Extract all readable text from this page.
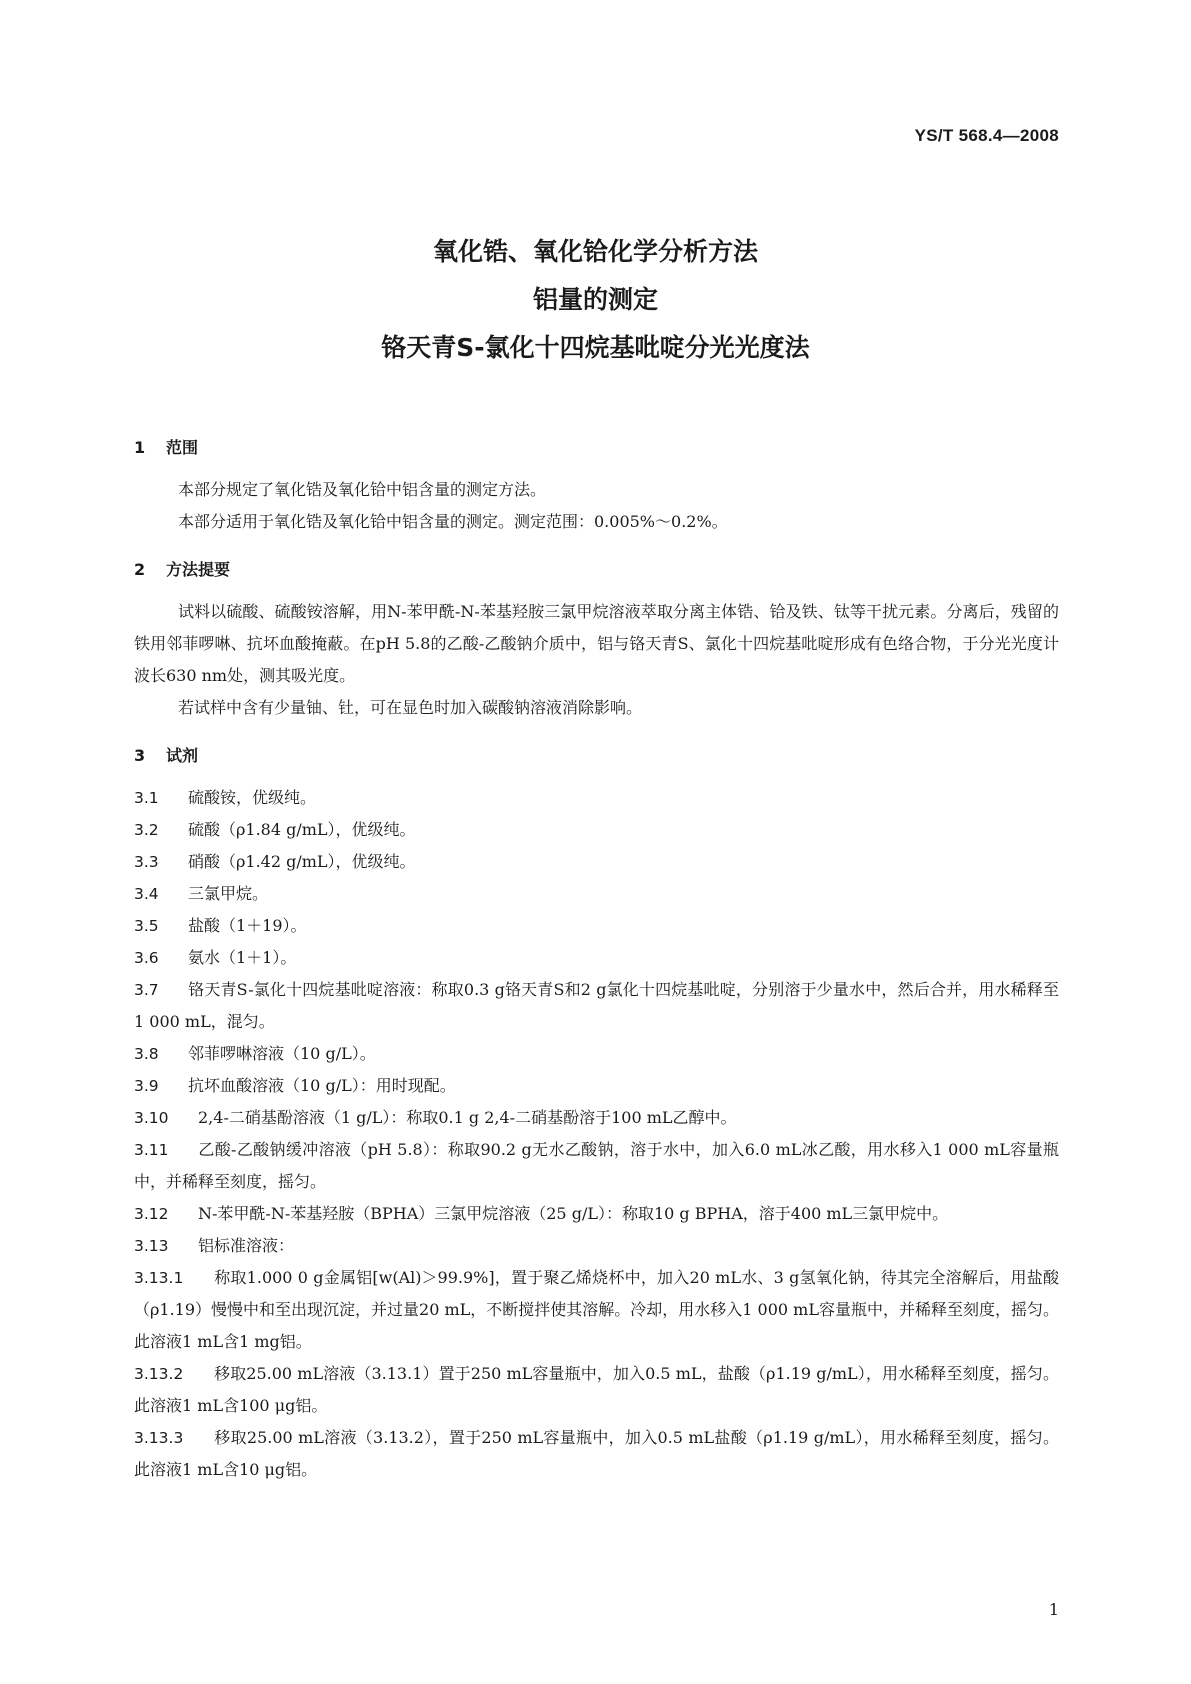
YS/T 568.4—2008
氧化锆、氧化铪化学分析方法
铝量的测定
铬天青S-氯化十四烷基吡啶分光光度法
1 范围
本部分规定了氧化锆及氧化铪中铝含量的测定方法。
本部分适用于氧化锆及氧化铪中铝含量的测定。测定范围：0.005%～0.2%。
2 方法提要
试料以硫酸、硫酸铵溶解，用N-苯甲酰-N-苯基羟胺三氯甲烷溶液萃取分离主体锆、铪及铁、钛等干扰元素。分离后，残留的铁用邻菲啰啉、抗坏血酸掩蔽。在pH 5.8的乙酸-乙酸钠介质中，铝与铬天青S、氯化十四烷基吡啶形成有色络合物，于分光光度计波长630 nm处，测其吸光度。
若试样中含有少量铀、钍，可在显色时加入碳酸钠溶液消除影响。
3 试剂
3.1 硫酸铵，优级纯。
3.2 硫酸（ρ1.84 g/mL），优级纯。
3.3 硝酸（ρ1.42 g/mL），优级纯。
3.4 三氯甲烷。
3.5 盐酸（1＋19）。
3.6 氨水（1＋1）。
3.7 铬天青S-氯化十四烷基吡啶溶液：称取0.3 g铬天青S和2 g氯化十四烷基吡啶，分别溶于少量水中，然后合并，用水稀释至1 000 mL，混匀。
3.8 邻菲啰啉溶液（10 g/L）。
3.9 抗坏血酸溶液（10 g/L）：用时现配。
3.10 2,4-二硝基酚溶液（1 g/L）：称取0.1 g 2,4-二硝基酚溶于100 mL乙醇中。
3.11 乙酸-乙酸钠缓冲溶液（pH 5.8）：称取90.2 g无水乙酸钠，溶于水中，加入6.0 mL冰乙酸，用水移入1 000 mL容量瓶中，并稀释至刻度，摇匀。
3.12 N-苯甲酰-N-苯基羟胺（BPHA）三氯甲烷溶液（25 g/L）：称取10 g BPHA，溶于400 mL三氯甲烷中。
3.13 铝标准溶液：
3.13.1 称取1.000 0 g金属铝[w(Al)＞99.9%]，置于聚乙烯烧杯中，加入20 mL水、3 g氢氧化钠，待其完全溶解后，用盐酸（ρ1.19）慢慢中和至出现沉淀，并过量20 mL，不断搅拌使其溶解。冷却，用水移入1 000 mL容量瓶中，并稀释至刻度，摇匀。此溶液1 mL含1 mg铝。
3.13.2 移取25.00 mL溶液（3.13.1）置于250 mL容量瓶中，加入0.5 mL，盐酸（ρ1.19 g/mL），用水稀释至刻度，摇匀。此溶液1 mL含100 μg铝。
3.13.3 移取25.00 mL溶液（3.13.2），置于250 mL容量瓶中，加入0.5 mL盐酸（ρ1.19 g/mL），用水稀释至刻度，摇匀。此溶液1 mL含10 μg铝。
1
